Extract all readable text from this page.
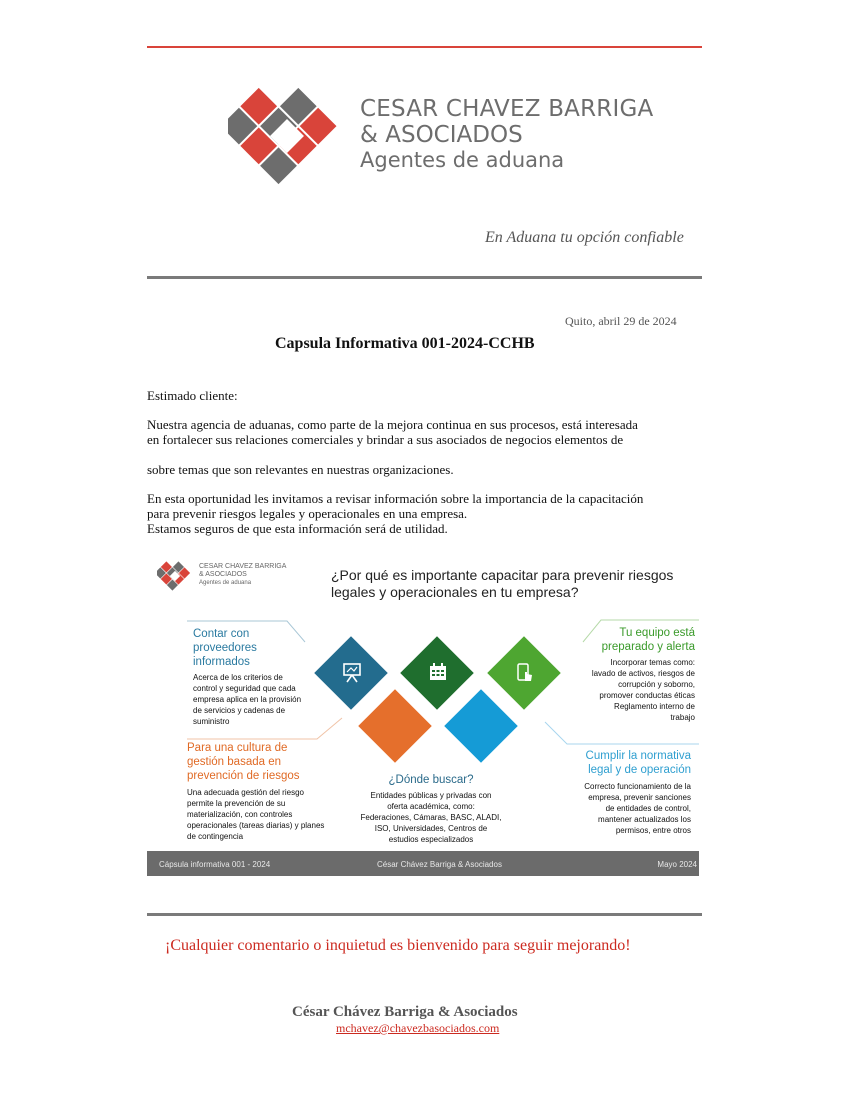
CESAR CHAVEZ BARRIGA
& ASOCIADOS
Agentes de aduana
En Aduana tu opción confiable
Quito, abril 29 de 2024
Capsula Informativa 001-2024-CCHB
Estimado cliente:
Nuestra agencia de aduanas, como parte de la mejora continua en sus procesos, está interesada
en fortalecer sus relaciones comerciales y brindar a sus asociados de negocios elementos de
sobre temas que son relevantes en nuestras organizaciones.
En esta oportunidad les invitamos a revisar información sobre la importancia de la capacitación
para prevenir riesgos legales y operacionales en una empresa.
Estamos seguros de que esta información será de utilidad.
CESAR CHAVEZ BARRIGA
& ASOCIADOS
Agentes de aduana	¿Por qué es importante capacitar para prevenir riesgos
legales y operacionales en tu empresa?
Contar con
proveedores
informados
Acerca de los criterios de
control y seguridad que cada
empresa aplica en la provisión
de servicios y cadenas de
suministro
Para una cultura de
gestión basada en
prevención de riesgos
Una adecuada gestión del riesgo
permite la prevención de su
materialización, con controles
operacionales (tareas diarias) y planes
de contingencia
Tu equipo está
preparado y alerta
Incorporar temas como:
lavado de activos, riesgos de
corrupción y soborno,
promover conductas éticas
Reglamento interno de
trabajo
Cumplir la normativa
legal y de operación
Correcto funcionamiento de la
empresa, prevenir sanciones
de entidades de control,
mantener actualizados los
permisos, entre otros
¿Dónde buscar?
Entidades públicas y privadas con
oferta académica, como:
Federaciones, Cámaras, BASC, ALADI,
ISO, Universidades, Centros de
estudios especializados
Cápsula informativa 001 - 2024	César Chávez Barriga & Asociados	Mayo 2024
¡Cualquier comentario o inquietud es bienvenido para seguir mejorando!
César Chávez Barriga & Asociados
mchavez@chavezbasociados.com
